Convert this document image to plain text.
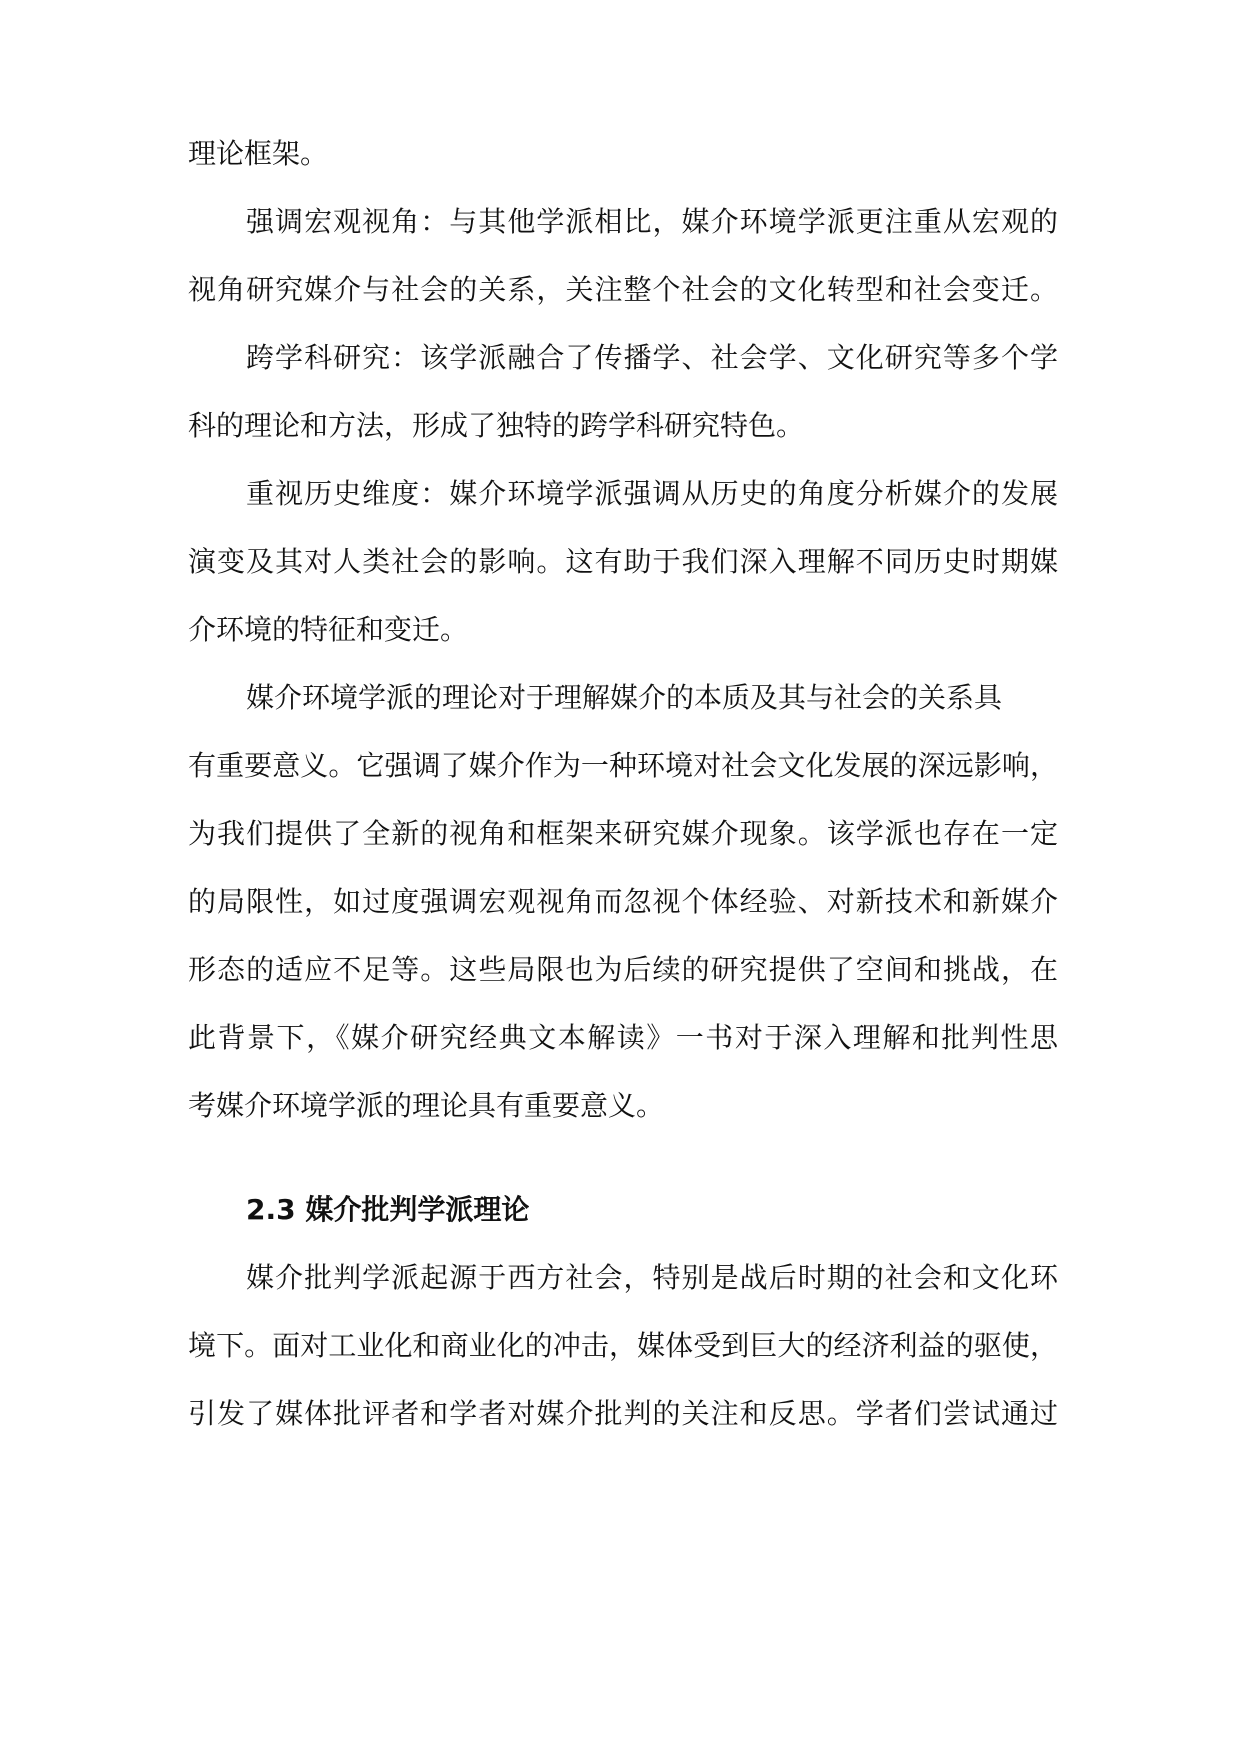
理论框架。
强调宏观视角：与其他学派相比，媒介环境学派更注重从宏观的
视角研究媒介与社会的关系，关注整个社会的文化转型和社会变迁。
跨学科研究：该学派融合了传播学、社会学、文化研究等多个学
科的理论和方法，形成了独特的跨学科研究特色。
重视历史维度：媒介环境学派强调从历史的角度分析媒介的发展
演变及其对人类社会的影响。这有助于我们深入理解不同历史时期媒
介环境的特征和变迁。
媒介环境学派的理论对于理解媒介的本质及其与社会的关系具
有重要意义。它强调了媒介作为一种环境对社会文化发展的深远影响，
为我们提供了全新的视角和框架来研究媒介现象。该学派也存在一定
的局限性，如过度强调宏观视角而忽视个体经验、对新技术和新媒介
形态的适应不足等。这些局限也为后续的研究提供了空间和挑战，在
此背景下，《媒介研究经典文本解读》一书对于深入理解和批判性思
考媒介环境学派的理论具有重要意义。
2.3 媒介批判学派理论
媒介批判学派起源于西方社会，特别是战后时期的社会和文化环
境下。面对工业化和商业化的冲击，媒体受到巨大的经济利益的驱使，
引发了媒体批评者和学者对媒介批判的关注和反思。学者们尝试通过
